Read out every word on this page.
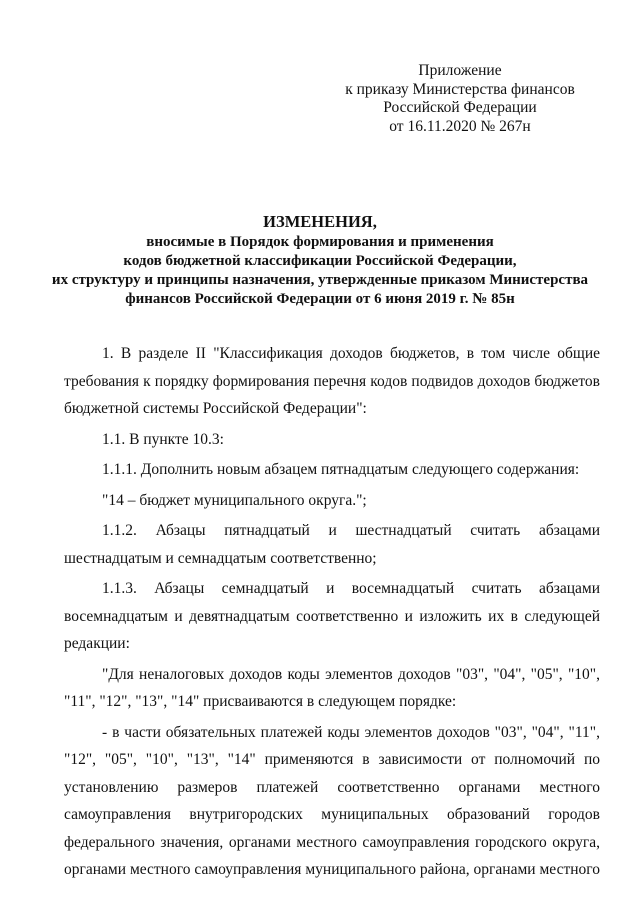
Приложение
к приказу Министерства финансов
Российской Федерации
от 16.11.2020 № 267н
ИЗМЕНЕНИЯ,
вносимые в Порядок формирования и применения
кодов бюджетной классификации Российской Федерации,
их структуру и принципы назначения, утвержденные приказом Министерства
финансов Российской Федерации от 6 июня 2019 г. № 85н
1. В разделе II "Классификация доходов бюджетов, в том числе общие требования к порядку формирования перечня кодов подвидов доходов бюджетов бюджетной системы Российской Федерации":
1.1. В пункте 10.3:
1.1.1. Дополнить новым абзацем пятнадцатым следующего содержания:
"14 – бюджет муниципального округа.";
1.1.2. Абзацы пятнадцатый и шестнадцатый считать абзацами шестнадцатым и семнадцатым соответственно;
1.1.3. Абзацы семнадцатый и восемнадцатый считать абзацами восемнадцатым и девятнадцатым соответственно и изложить их в следующей редакции:
"Для неналоговых доходов коды элементов доходов "03", "04", "05", "10", "11", "12", "13", "14" присваиваются в следующем порядке:
- в части обязательных платежей коды элементов доходов "03", "04", "11", "12", "05", "10", "13", "14" применяются в зависимости от полномочий по установлению размеров платежей соответственно органами местного самоуправления внутригородских муниципальных образований городов федерального значения, органами местного самоуправления городского округа, органами местного самоуправления муниципального района, органами местного
